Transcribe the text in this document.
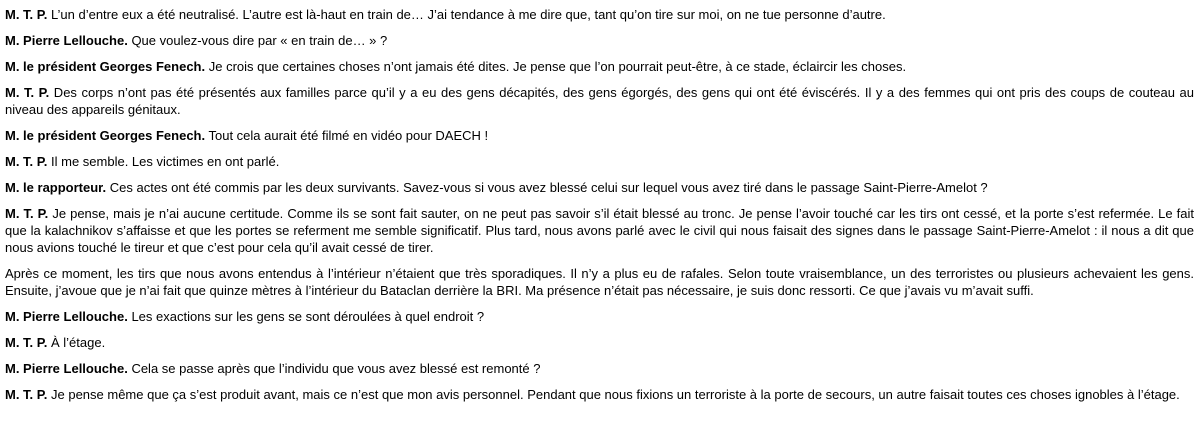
M. T. P. L’un d’entre eux a été neutralisé. L’autre est là-haut en train de… J’ai tendance à me dire que, tant qu’on tire sur moi, on ne tue personne d’autre.

M. Pierre Lellouche. Que voulez-vous dire par « en train de… » ?

M. le président Georges Fenech. Je crois que certaines choses n’ont jamais été dites. Je pense que l’on pourrait peut-être, à ce stade, éclaircir les choses.

M. T. P. Des corps n’ont pas été présentés aux familles parce qu’il y a eu des gens décapités, des gens égorgés, des gens qui ont été éviscérés. Il y a des femmes qui ont pris des coups de couteau au niveau des appareils génitaux.

M. le président Georges Fenech. Tout cela aurait été filmé en vidéo pour DAECH !

M. T. P. Il me semble. Les victimes en ont parlé.

M. le rapporteur. Ces actes ont été commis par les deux survivants. Savez-vous si vous avez blessé celui sur lequel vous avez tiré dans le passage Saint-Pierre-Amelot ?

M. T. P. Je pense, mais je n’ai aucune certitude. Comme ils se sont fait sauter, on ne peut pas savoir s’il était blessé au tronc. Je pense l’avoir touché car les tirs ont cessé, et la porte s’est refermée. Le fait que la kalachnikov s’affaisse et que les portes se referment me semble significatif. Plus tard, nous avons parlé avec le civil qui nous faisait des signes dans le passage Saint-Pierre-Amelot : il nous a dit que nous avions touché le tireur et que c’est pour cela qu’il avait cessé de tirer.

Après ce moment, les tirs que nous avons entendus à l’intérieur n’étaient que très sporadiques. Il n’y a plus eu de rafales. Selon toute vraisemblance, un des terroristes ou plusieurs achevaient les gens. Ensuite, j’avoue que je n’ai fait que quinze mètres à l’intérieur du Bataclan derrière la BRI. Ma présence n’était pas nécessaire, je suis donc ressorti. Ce que j’avais vu m’avait suffi.

M. Pierre Lellouche. Les exactions sur les gens se sont déroulées à quel endroit ?

M. T. P. À l’étage.

M. Pierre Lellouche. Cela se passe après que l’individu que vous avez blessé est remonté ?

M. T. P. Je pense même que ça s’est produit avant, mais ce n’est que mon avis personnel. Pendant que nous fixions un terroriste à la porte de secours, un autre faisait toutes ces choses ignobles à l’étage.
